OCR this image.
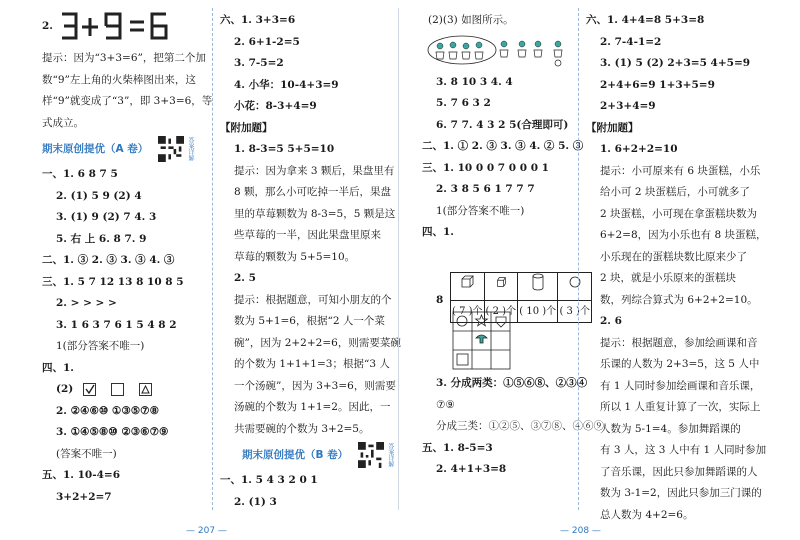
2.
提示：因为“3+3=6”，把第二个加
数“9”左上角的火柴棒图出来，这
样“9”就变成了“3”，即 3+3=6，等
式成立。
期末原创提优（A 卷）	答案详解
一、1. 6 8 7 5
2. (1) 5 9 (2) 4
3. (1) 9 (2) 7 4. 3
5. 右 上 6. 8 7. 9
二、1. ③ 2. ③ 3. ③ 4. ③
三、1. 5 7 12 13 8 10 8 5
2. > > > >
3. 1 6 3 7 6 1 5 4 8 2
1(部分答案不唯一)
四、1.
(2)

2. ②④⑥⑩ ①③⑤⑦⑧
3. ①④⑤⑧⑩ ②③⑥⑦⑨
(答案不唯一)
五、1. 10-4=6
3+2+2=7
六、1. 3+3=6
2. 6+1-2=5
3. 7-5=2
4. 小华：10-4+3=9
小花：8-3+4=9
【附加题】
1. 8-3=5 5+5=10
提示：因为拿来 3 颗后，果盘里有
8 颗，那么小可吃掉一半后，果盘
里的草莓颗数为 8-3=5，5 颗是这
些草莓的一半，因此果盘里原来
草莓的颗数为 5+5=10。
2. 5
提示：根据题意，可知小朋友的个
数为 5+1=6，根据“2 人一个菜
碗”，因为 2+2+2=6，则需要菜碗
的个数为 1+1+1=3；根据“3 人
一个汤碗”，因为 3+3=6，则需要
汤碗的个数为 1+1=2。因此，一
共需要碗的个数为 3+2=5。
期末原创提优（B 卷）	答案详解
一、1. 5 4 3 2 0 1
2. (1) 3
— 207 —
(2)(3) 如图所示。
3. 8 10 3 4. 4
5. 7 6 3 2
6. 7 7. 4 3 2 5(合理即可)
二、1. ① 2. ③ 3. ③ 4. ② 5. ③
三、1. 10 0 0 7 0 0 0 1
2. 3 8 5 6 1 7 7 7
1(部分答案不唯一)
四、1.

( 7 )个	( 2 )个	( 10 )个	( 3 )个
8
3. 分成两类：①⑤⑥⑧、②③④
⑦⑨
分成三类：①②⑤、③⑦⑧、④⑥⑨
五、1. 8-5=3
2. 4+1+3=8
六、1. 4+4=8 5+3=8
2. 7-4-1=2
3. (1) 5 (2) 2+3=5 4+5=9
2+4+6=9 1+3+5=9
2+3+4=9
【附加题】
1. 6+2+2=10
提示：小可原来有 6 块蛋糕，小乐
给小可 2 块蛋糕后，小可就多了
2 块蛋糕，小可现在拿蛋糕块数为
6+2=8，因为小乐也有 8 块蛋糕，
小乐现在的蛋糕块数比原来少了
2 块，就是小乐原来的蛋糕块
数，列综合算式为 6+2+2=10。
2. 6
提示：根据题意，参加绘画课和音
乐课的人数为 2+3=5，这 5 人中
有 1 人同时参加绘画课和音乐课，
所以 1 人重复计算了一次，实际上
人数为 5-1=4。参加舞蹈课的
有 3 人，这 3 人中有 1 人同时参加
了音乐课，因此只参加舞蹈课的人
数为 3-1=2，因此只参加三门课的
总人数为 4+2=6。
— 208 —
